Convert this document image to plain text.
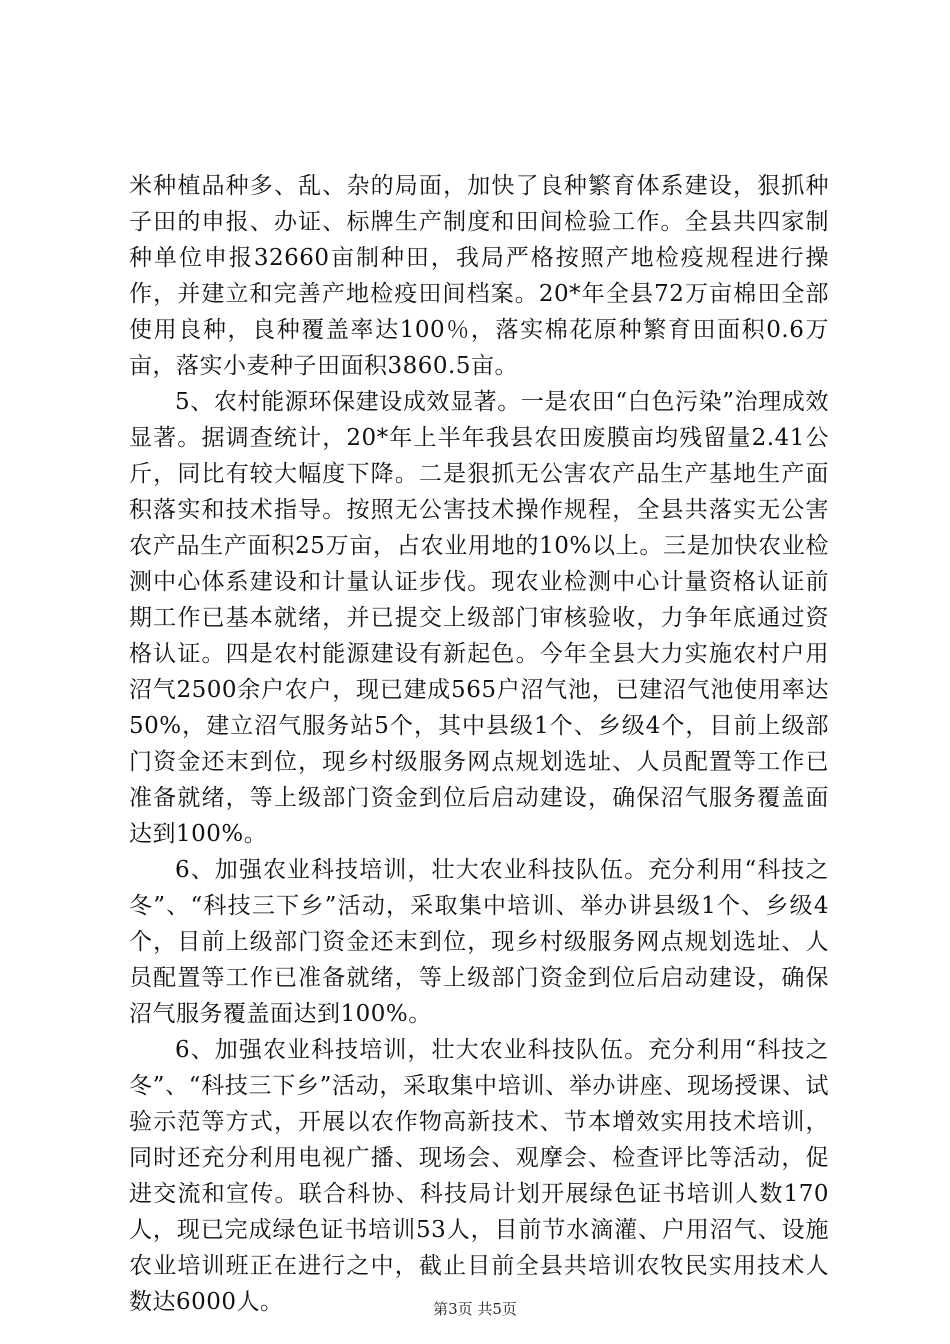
米种植品种多、乱、杂的局面，加快了良种繁育体系建设，狠抓种子田的申报、办证、标牌生产制度和田间检验工作。全县共四家制种单位申报32660亩制种田，我局严格按照产地检疫规程进行操作，并建立和完善产地检疫田间档案。20*年全县72万亩棉田全部使用良种，良种覆盖率达100％，落实棉花原种繁育田面积0.6万亩，落实小麦种子田面积3860.5亩。

5、农村能源环保建设成效显著。一是农田“白色污染”治理成效显著。据调查统计，20*年上半年我县农田废膜亩均残留量2.41公斤，同比有较大幅度下降。二是狠抓无公害农产品生产基地生产面积落实和技术指导。按照无公害技术操作规程，全县共落实无公害农产品生产面积25万亩，占农业用地的10%以上。三是加快农业检测中心体系建设和计量认证步伐。现农业检测中心计量资格认证前期工作已基本就绪，并已提交上级部门审核验收，力争年底通过资格认证。四是农村能源建设有新起色。今年全县大力实施农村户用沼气2500余户农户，现已建成565户沼气池，已建沼气池使用率达50%，建立沼气服务站5个，其中县级1个、乡级4个，目前上级部门资金还末到位，现乡村级服务网点规划选址、人员配置等工作已准备就绪，等上级部门资金到位后启动建设，确保沼气服务覆盖面达到100%。

6、加强农业科技培训，壮大农业科技队伍。充分利用“科技之冬”、“科技三下乡”活动，采取集中培训、举办讲县级1个、乡级4个，目前上级部门资金还末到位，现乡村级服务网点规划选址、人员配置等工作已准备就绪，等上级部门资金到位后启动建设，确保沼气服务覆盖面达到100%。

6、加强农业科技培训，壮大农业科技队伍。充分利用“科技之冬”、“科技三下乡”活动，采取集中培训、举办讲座、现场授课、试验示范等方式，开展以农作物高新技术、节本增效实用技术培训，同时还充分利用电视广播、现场会、观摩会、检查评比等活动，促进交流和宣传。联合科协、科技局计划开展绿色证书培训人数170人，现已完成绿色证书培训53人，目前节水滴灌、户用沼气、设施农业培训班正在进行之中，截止目前全县共培训农牧民实用技术人数达6000人。	第3页 共5页
